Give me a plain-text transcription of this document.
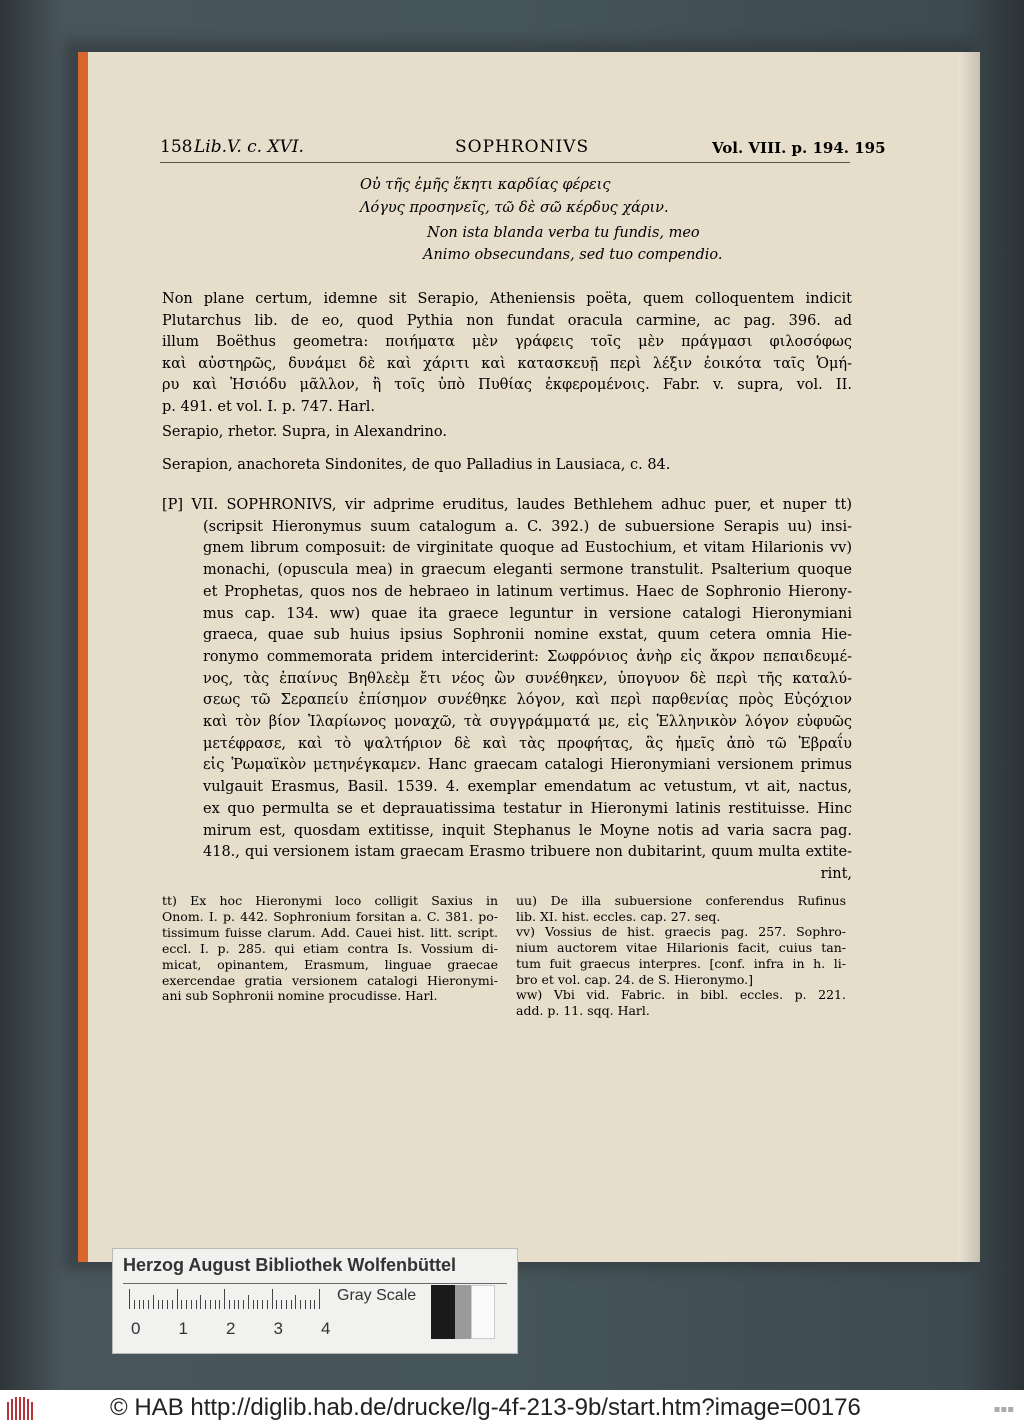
158 Lib.V. c. XVI.	SOPHRONIVS	Vol. VIII. p. 194. 195
Οὐ τῆς ἐμῆς ἕκητι καρδίας φέρεις
Λόγυς προσηνεῖς, τῶ δὲ σῶ κέρδυς χάριν.
Non ista blanda verba tu fundis, meo
Animo obsecundans, sed tuo compendio.
Non plane certum, idemne sit Serapio, Atheniensis poëta, quem colloquentem indicit
Plutarchus lib. de eo, quod Pythia non fundat oracula carmine, ac pag. 396. ad
illum Boëthus geometra: ποιήματα μὲν γράφεις τοῖς μὲν πράγμασι φιλοσόφως
καὶ αὐστηρῶς, δυνάμει δὲ καὶ χάριτι καὶ κατασκευῇ περὶ λέξιν ἐοικότα ταῖς Ὁμή-
ρυ καὶ Ἡσιόδυ μᾶλλον, ἢ τοῖς ὑπὸ Πυθίας ἐκφερομένοις. Fabr. v. supra, vol. II.
p. 491. et vol. I. p. 747. Harl.
Serapio, rhetor. Supra, in Alexandrino.
Serapion, anachoreta Sindonites, de quo Palladius in Lausiaca, c. 84.
[P] VII. SOPHRONIVS, vir adprime eruditus, laudes Bethlehem adhuc puer, et nuper tt)
(scripsit Hieronymus suum catalogum a. C. 392.) de subuersione Serapis uu) insi-
gnem librum composuit: de virginitate quoque ad Eustochium, et vitam Hilarionis vv)
monachi, (opuscula mea) in graecum eleganti sermone transtulit. Psalterium quoque
et Prophetas, quos nos de hebraeo in latinum vertimus. Haec de Sophronio Hierony-
mus cap. 134. ww) quae ita graece leguntur in versione catalogi Hieronymiani
graeca, quae sub huius ipsius Sophronii nomine exstat, quum cetera omnia Hie-
ronymo commemorata pridem interciderint: Σωφρόνιος ἀνὴρ εἰς ἄκρον πεπαιδευμέ-
νος, τὰς ἐπαίνυς Βηθλεὲμ ἔτι νέος ὢν συνέθηκεν, ὑπογυον δὲ περὶ τῆς καταλύ-
σεως τῶ Σεραπείυ ἐπίσημον συνέθηκε λόγον, καὶ περὶ παρθενίας πρὸς Εὐςόχιον
καὶ τὸν βίον Ἱλαρίωνος μοναχῶ, τὰ συγγράμματά με, εἰς Ἑλληνικὸν λόγον εὐφυῶς
μετέφρασε, καὶ τὸ ψαλτήριον δὲ καὶ τὰς προφήτας, ἃς ἡμεῖς ἀπὸ τῶ Ἑβραΐυ
εἰς Ῥωμαϊκὸν μετηνέγκαμεν. Hanc graecam catalogi Hieronymiani versionem primus
vulgauit Erasmus, Basil. 1539. 4. exemplar emendatum ac vetustum, vt ait, nactus,
ex quo permulta se et deprauatissima testatur in Hieronymi latinis restituisse. Hinc
mirum est, quosdam extitisse, inquit Stephanus le Moyne notis ad varia sacra pag.
418., qui versionem istam graecam Erasmo tribuere non dubitarint, quum multa extite-
rint,
tt) Ex hoc Hieronymi loco colligit Saxius in
Onom. I. p. 442. Sophronium forsitan a. C. 381. po-
tissimum fuisse clarum. Add. Cauei hist. litt. script.
eccl. I. p. 285. qui etiam contra Is. Vossium di-
micat, opinantem, Erasmum, linguae graecae
exercendae gratia versionem catalogi Hieronymi-
ani sub Sophronii nomine procudisse. Harl.
uu) De illa subuersione conferendus Rufinus
lib. XI. hist. eccles. cap. 27. seq.
vv) Vossius de hist. graecis pag. 257. Sophro-
nium auctorem vitae Hilarionis facit, cuius tan-
tum fuit graecus interpres. [conf. infra in h. li-
bro et vol. cap. 24. de S. Hieronymo.]
ww) Vbi vid. Fabric. in bibl. eccles. p. 221.
add. p. 11. sqq. Harl.
Herzog August Bibliothek Wolfenbüttel
0 1 2 3 4
Gray Scale
© HAB http://diglib.hab.de/drucke/lg-4f-213-9b/start.htm?image=00176	▪▪▪
